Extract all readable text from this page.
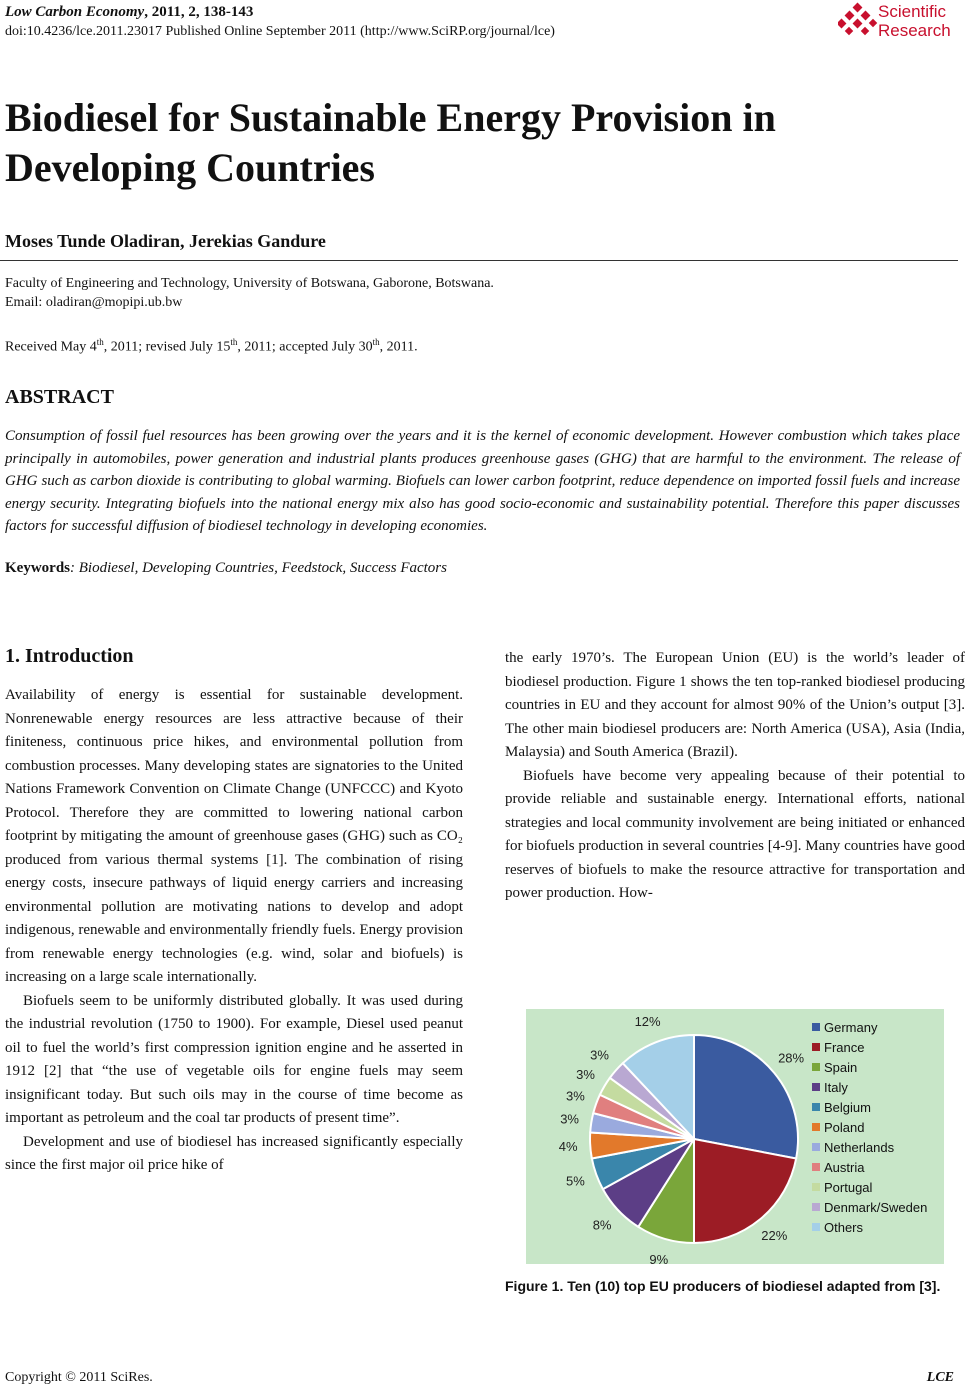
Low Carbon Economy, 2011, 2, 138-143
doi:10.4236/lce.2011.23017 Published Online September 2011 (http://www.SciRP.org/journal/lce)
Scientific
Research
Biodiesel for Sustainable Energy Provision in Developing Countries
Moses Tunde Oladiran, Jerekias Gandure
Faculty of Engineering and Technology, University of Botswana, Gaborone, Botswana.
Email: oladiran@mopipi.ub.bw
Received May 4th, 2011; revised July 15th, 2011; accepted July 30th, 2011.
ABSTRACT
Consumption of fossil fuel resources has been growing over the years and it is the kernel of economic development. However combustion which takes place principally in automobiles, power generation and industrial plants produces greenhouse gases (GHG) that are harmful to the environment. The release of GHG such as carbon dioxide is contributing to global warming. Biofuels can lower carbon footprint, reduce dependence on imported fossil fuels and increase energy security. Integrating biofuels into the national energy mix also has good socio-economic and sustainability potential. Therefore this paper discusses factors for successful diffusion of biodiesel technology in developing economies.
Keywords: Biodiesel, Developing Countries, Feedstock, Success Factors
1. Introduction

Availability of energy is essential for sustainable development. Nonrenewable energy resources are less attractive because of their finiteness, continuous price hikes, and environmental pollution from combustion processes. Many developing states are signatories to the United Nations Framework Convention on Climate Change (UNFCCC) and Kyoto Protocol. Therefore they are committed to lowering national carbon footprint by mitigating the amount of greenhouse gases (GHG) such as CO₂ produced from various thermal systems [1]. The combination of rising energy costs, insecure pathways of liquid energy carriers and increasing environmental pollution are motivating nations to develop and adopt indigenous, renewable and environmentally friendly fuels. Energy provision from renewable energy technologies (e.g. wind, solar and biofuels) is increasing on a large scale internationally.

Biofuels seem to be uniformly distributed globally. It was used during the industrial revolution (1750 to 1900). For example, Diesel used peanut oil to fuel the world’s first compression ignition engine and he asserted in 1912 [2] that “the use of vegetable oils for engine fuels may seem insignificant today. But such oils may in the course of time become as important as petroleum and the coal tar products of present time”.

Development and use of biodiesel has increased significantly especially since the first major oil price hike of

the early 1970’s. The European Union (EU) is the world’s leader of biodiesel production. Figure 1 shows the ten top-ranked biodiesel producing countries in EU and they account for almost 90% of the Union’s output [3]. The other main biodiesel producers are: North America (USA), Asia (India, Malaysia) and South America (Brazil).

Biofuels have become very appealing because of their potential to provide reliable and sustainable energy. International efforts, national strategies and local community involvement are being initiated or enhanced for biofuels production in several countries [4-9]. Many countries have good reserves of biofuels to make the resource attractive for transportation and power production. How-

28%
22%
9%
8%
5%
4%
3%
3%
3%
3%
12%	Germany
France
Spain
Italy
Belgium
Poland
Netherlands
Austria
Portugal
Denmark/Sweden
Others
Figure 1. Ten (10) top EU producers of biodiesel adapted from [3].
Copyright © 2011 SciRes.	LCE
